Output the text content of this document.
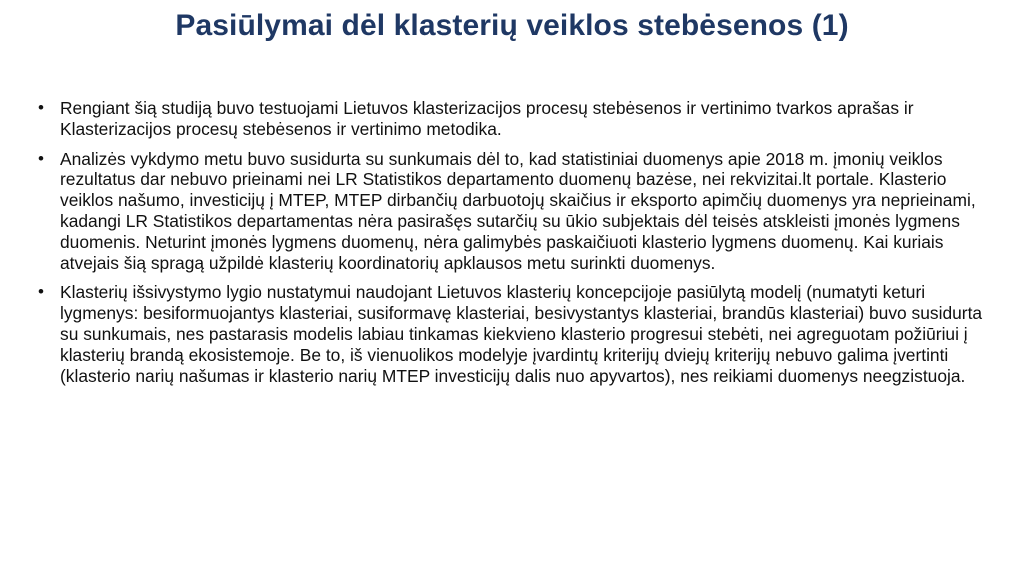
Pasiūlymai dėl klasterių veiklos stebėsenos (1)
• Rengiant šią studiją buvo testuojami Lietuvos klasterizacijos procesų stebėsenos ir vertinimo tvarkos aprašas ir Klasterizacijos procesų stebėsenos ir vertinimo metodika.
• Analizės vykdymo metu buvo susidurta su sunkumais dėl to, kad statistiniai duomenys apie 2018 m. įmonių veiklos rezultatus dar nebuvo prieinami nei LR Statistikos departamento duomenų bazėse, nei rekvizitai.lt portale. Klasterio veiklos našumo, investicijų į MTEP, MTEP dirbančių darbuotojų skaičius ir eksporto apimčių duomenys yra neprieinami, kadangi LR Statistikos departamentas nėra pasirašęs sutarčių su ūkio subjektais dėl teisės atskleisti įmonės lygmens duomenis. Neturint įmonės lygmens duomenų, nėra galimybės paskaičiuoti klasterio lygmens duomenų. Kai kuriais atvejais šią spragą užpildė klasterių koordinatorių apklausos metu surinkti duomenys.
• Klasterių išsivystymo lygio nustatymui naudojant Lietuvos klasterių koncepcijoje pasiūlytą modelį (numatyti keturi lygmenys: besiformuojantys klasteriai, susiformavę klasteriai, besivystantys klasteriai, brandūs klasteriai) buvo susidurta su sunkumais, nes pastarasis modelis labiau tinkamas kiekvieno klasterio progresui stebėti, nei agreguotam požiūriui į klasterių brandą ekosistemoje. Be to, iš vienuolikos modelyje įvardintų kriterijų dviejų kriterijų nebuvo galima įvertinti (klasterio narių našumas ir klasterio narių MTEP investicijų dalis nuo apyvartos), nes reikiami duomenys neegzistuoja.
